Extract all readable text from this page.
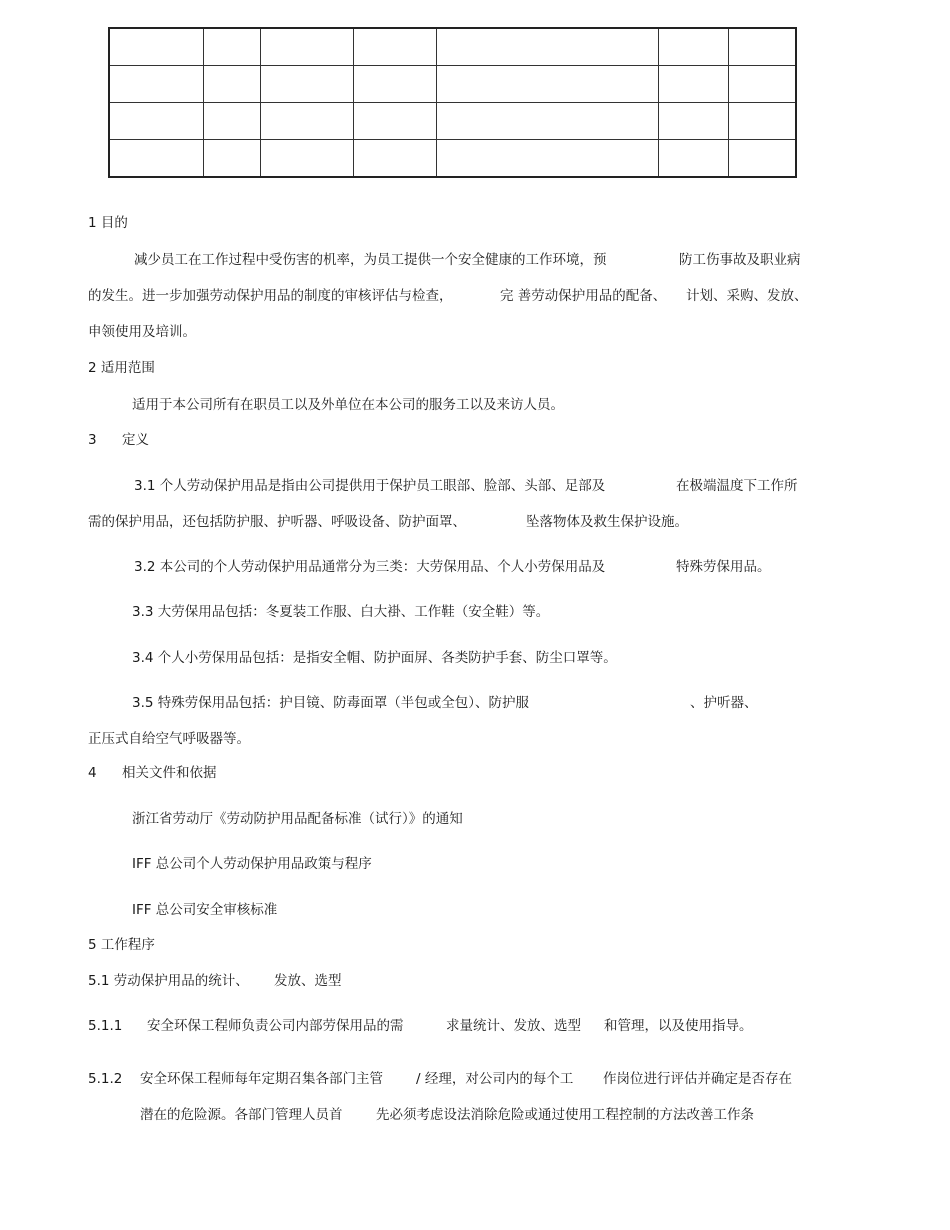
1 目的
减少员工在工作过程中受伤害的机率，为员工提供一个安全健康的工作环境，预	防工伤事故及职业病
的发生。进一步加强劳动保护用品的制度的审核评估与检查，	完 善劳动保护用品的配备、 计划、采购、发放、
申领使用及培训。
2 适用范围
适用于本公司所有在职员工以及外单位在本公司的服务工以及来访人员。
3 定义
3.1 个人劳动保护用品是指由公司提供用于保护员工眼部、脸部、头部、足部及	在极端温度下工作所
需的保护用品，还包括防护服、护听器、呼吸设备、防护面罩、	坠落物体及救生保护设施。
3.2 本公司的个人劳动保护用品通常分为三类：大劳保用品、个人小劳保用品及	特殊劳保用品。
3.3 大劳保用品包括：冬夏装工作服、白大褂、工作鞋（安全鞋）等。
3.4 个人小劳保用品包括：是指安全帽、防护面屏、各类防护手套、防尘口罩等。
3.5 特殊劳保用品包括：护目镜、防毒面罩（半包或全包）、防护服	、护听器、
正压式自给空气呼吸器等。
4 相关文件和依据
浙江省劳动厅《劳动防护用品配备标准（试行）》的通知
IFF 总公司个人劳动保护用品政策与程序
IFF 总公司安全审核标准
5 工作程序
5.1 劳动保护用品的统计、 发放、选型
5.1.1 安全环保工程师负责公司内部劳保用品的需	求量统计、发放、选型 和管理，以及使用指导。
5.1.2 安全环保工程师每年定期召集各部门主管 / 经理，对公司内的每个工 作岗位进行评估并确定是否存在
潜在的危险源。各部门管理人员首 先必须考虑设法消除危险或通过使用工程控制的方法改善工作条
